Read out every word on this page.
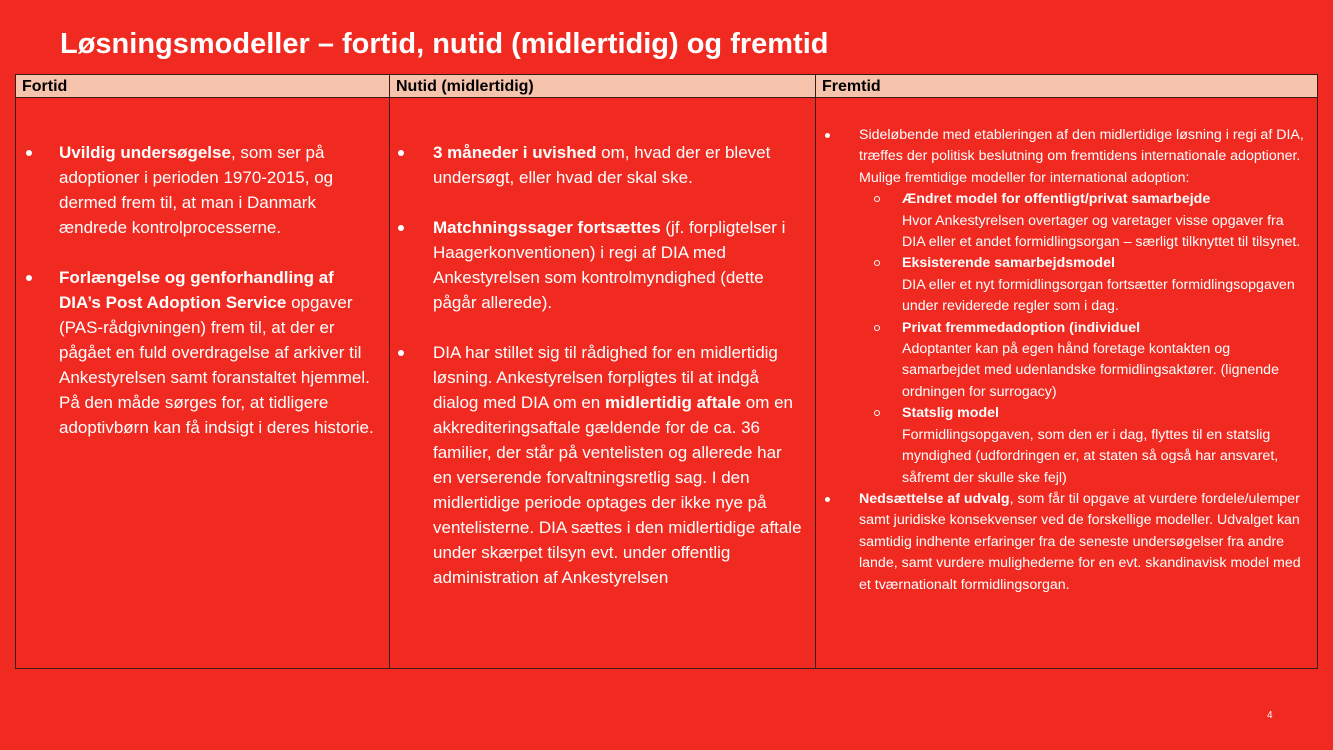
Løsningsmodeller – fortid, nutid (midlertidig) og fremtid
Fortid
Uvildig undersøgelse, som ser på adoptioner i perioden 1970-2015, og dermed frem til, at man i Danmark ændrede kontrolprocesserne.
Forlængelse og genforhandling af DIA’s Post Adoption Service opgaver (PAS-rådgivningen) frem til, at der er pågået en fuld overdragelse af arkiver til Ankestyrelsen samt foranstaltet hjemmel. På den måde sørges for, at tidligere adoptivbørn kan få indsigt i deres historie.
Nutid (midlertidig)
3 måneder i uvished om, hvad der er blevet undersøgt, eller hvad der skal ske.
Matchningssager fortsættes (jf. forpligtelser i Haagerkonventionen) i regi af DIA med Ankestyrelsen som kontrolmyndighed (dette pågår allerede).
DIA har stillet sig til rådighed for en midlertidig løsning. Ankestyrelsen forpligtes til at indgå dialog med DIA om en midlertidig aftale om en akkrediteringsaftale gældende for de ca. 36 familier, der står på ventelisten og allerede har en verserende forvaltningsretlig sag. I den midlertidige periode optages der ikke nye på ventelisterne. DIA sættes i den midlertidige aftale under skærpet tilsyn evt. under offentlig administration af Ankestyrelsen
Fremtid
Sideløbende med etableringen af den midlertidige løsning i regi af DIA, træffes der politisk beslutning om fremtidens internationale adoptioner. Mulige fremtidige modeller for international adoption:
Ændret model for offentligt/privat samarbejde
Hvor Ankestyrelsen overtager og varetager visse opgaver fra DIA eller et andet formidlingsorgan – særligt tilknyttet til tilsynet.
Eksisterende samarbejdsmodel
DIA eller et nyt formidlingsorgan fortsætter formidlingsopgaven under reviderede regler som i dag.
Privat fremmedadoption (individuel
Adoptanter kan på egen hånd foretage kontakten og samarbejdet med udenlandske formidlingsaktører. (lignende ordningen for surrogacy)
Statslig model
Formidlingsopgaven, som den er i dag, flyttes til en statslig myndighed (udfordringen er, at staten så også har ansvaret, såfremt der skulle ske fejl)
Nedsættelse af udvalg, som får til opgave at vurdere fordele/ulemper samt juridiske konsekvenser ved de forskellige modeller. Udvalget kan samtidig indhente erfaringer fra de seneste undersøgelser fra andre lande, samt vurdere mulighederne for en evt. skandinavisk model med et tværnationalt formidlingsorgan.
4
